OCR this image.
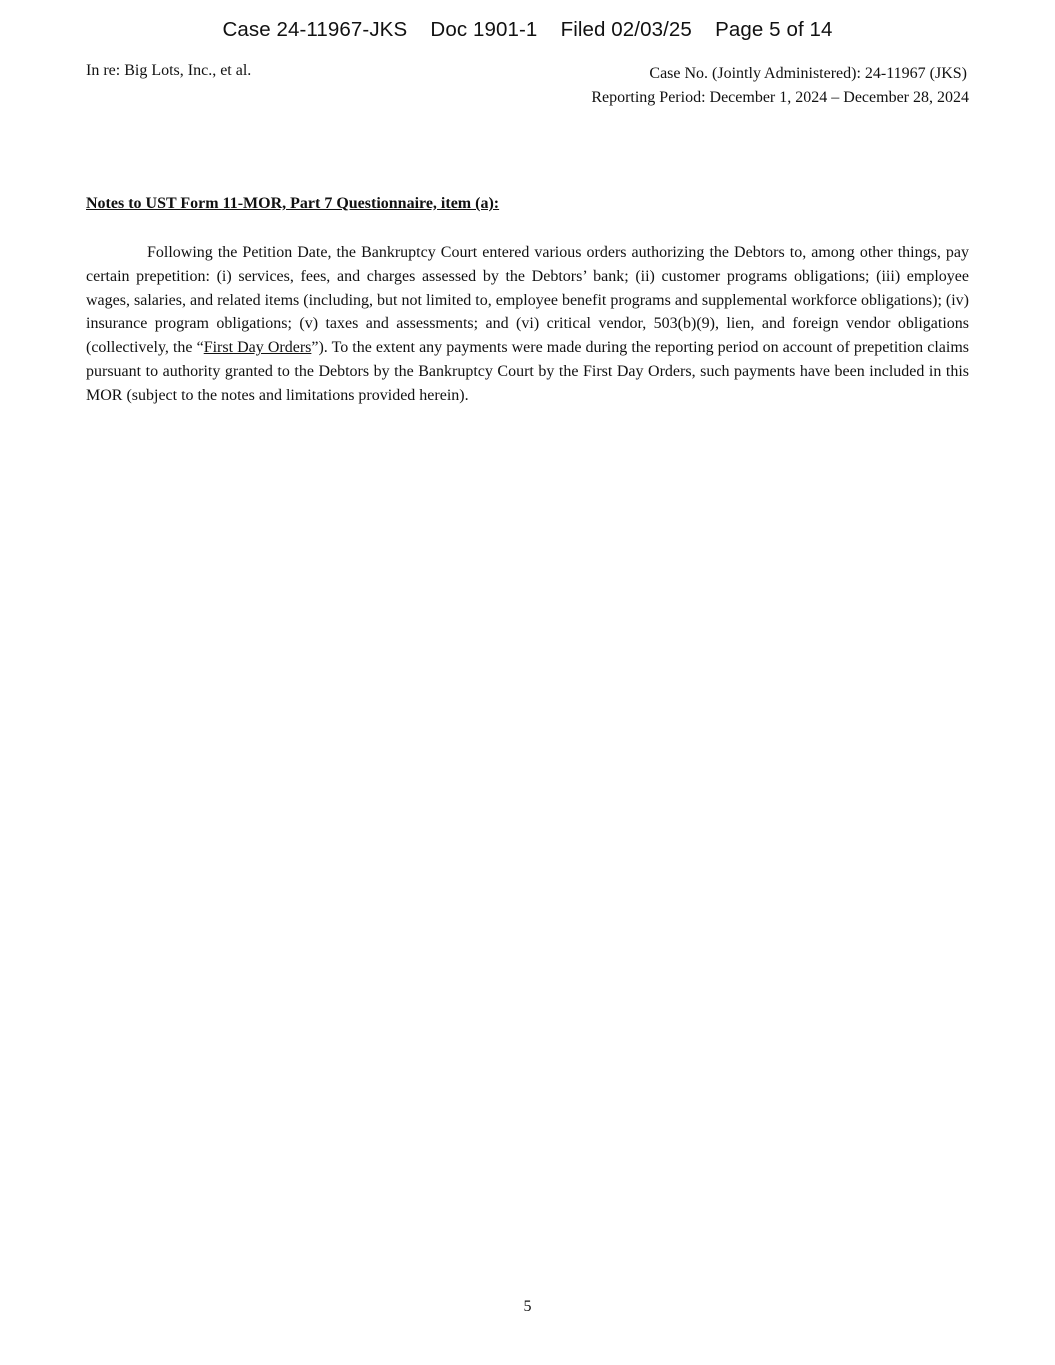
Case 24-11967-JKS    Doc 1901-1    Filed 02/03/25    Page 5 of 14
In re: Big Lots, Inc., et al.	Case No. (Jointly Administered): 24-11967 (JKS)
Reporting Period: December 1, 2024 – December 28, 2024
Notes to UST Form 11-MOR, Part 7 Questionnaire, item (a):

Following the Petition Date, the Bankruptcy Court entered various orders authorizing the Debtors to, among other things, pay certain prepetition: (i) services, fees, and charges assessed by the Debtors’ bank; (ii) customer programs obligations; (iii) employee wages, salaries, and related items (including, but not limited to, employee benefit programs and supplemental workforce obligations); (iv) insurance program obligations; (v) taxes and assessments; and (vi) critical vendor, 503(b)(9), lien, and foreign vendor obligations (collectively, the “First Day Orders”). To the extent any payments were made during the reporting period on account of prepetition claims pursuant to authority granted to the Debtors by the Bankruptcy Court by the First Day Orders, such payments have been included in this MOR (subject to the notes and limitations provided herein).

5
